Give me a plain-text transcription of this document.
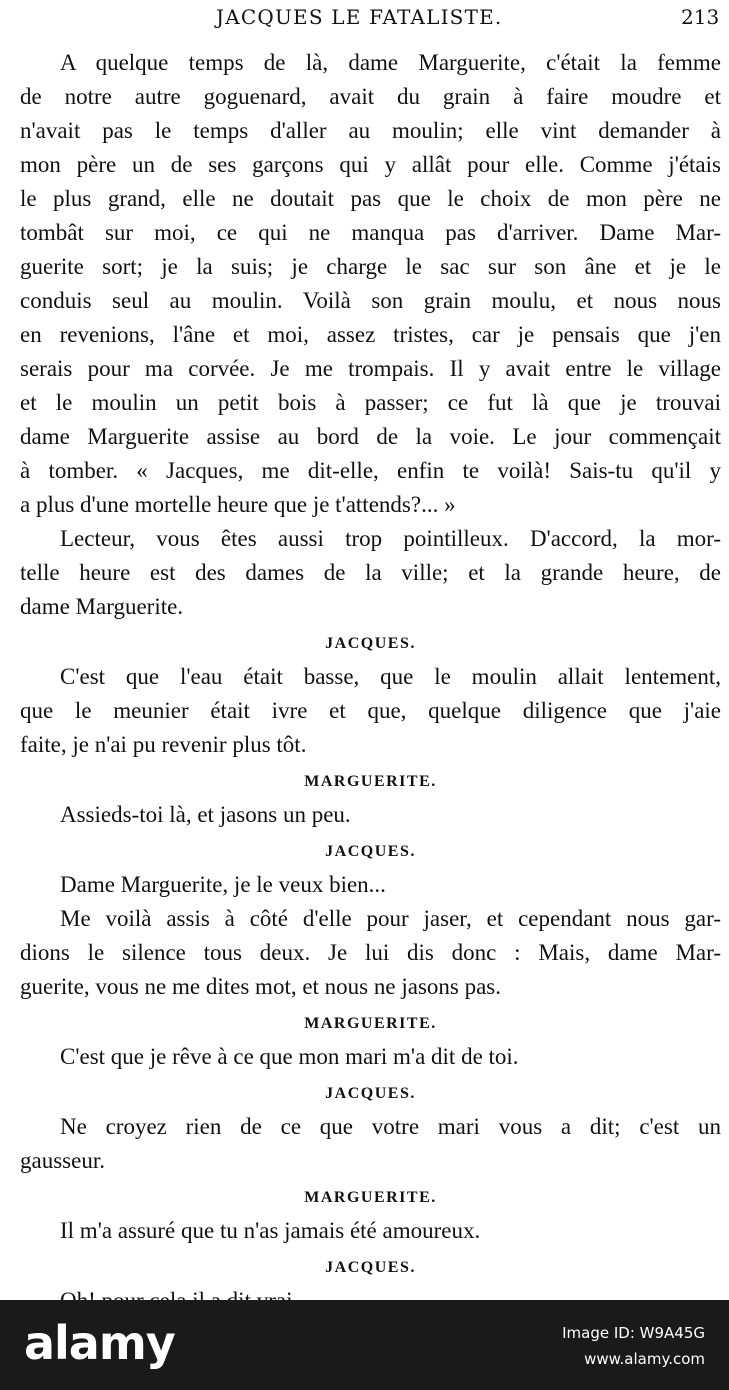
JACQUES LE FATALISTE.	213
A quelque temps de là, dame Marguerite, c'était la femme
de notre autre goguenard, avait du grain à faire moudre et
n'avait pas le temps d'aller au moulin; elle vint demander à
mon père un de ses garçons qui y allât pour elle. Comme j'étais
le plus grand, elle ne doutait pas que le choix de mon père ne
tombât sur moi, ce qui ne manqua pas d'arriver. Dame Mar-
guerite sort; je la suis; je charge le sac sur son âne et je le
conduis seul au moulin. Voilà son grain moulu, et nous nous
en revenions, l'âne et moi, assez tristes, car je pensais que j'en
serais pour ma corvée. Je me trompais. Il y avait entre le village
et le moulin un petit bois à passer; ce fut là que je trouvai
dame Marguerite assise au bord de la voie. Le jour commençait
à tomber. « Jacques, me dit-elle, enfin te voilà! Sais-tu qu'il y
a plus d'une mortelle heure que je t'attends?... »
Lecteur, vous êtes aussi trop pointilleux. D'accord, la mor-
telle heure est des dames de la ville; et la grande heure, de
dame Marguerite.
JACQUES.
C'est que l'eau était basse, que le moulin allait lentement,
que le meunier était ivre et que, quelque diligence que j'aie
faite, je n'ai pu revenir plus tôt.
MARGUERITE.
Assieds-toi là, et jasons un peu.
JACQUES.
Dame Marguerite, je le veux bien...
Me voilà assis à côté d'elle pour jaser, et cependant nous gar-
dions le silence tous deux. Je lui dis donc : Mais, dame Mar-
guerite, vous ne me dites mot, et nous ne jasons pas.
MARGUERITE.
C'est que je rêve à ce que mon mari m'a dit de toi.
JACQUES.
Ne croyez rien de ce que votre mari vous a dit; c'est un
gausseur.
MARGUERITE.
Il m'a assuré que tu n'as jamais été amoureux.
JACQUES.
alamy	Image ID: W9A45G
www.alamy.com
